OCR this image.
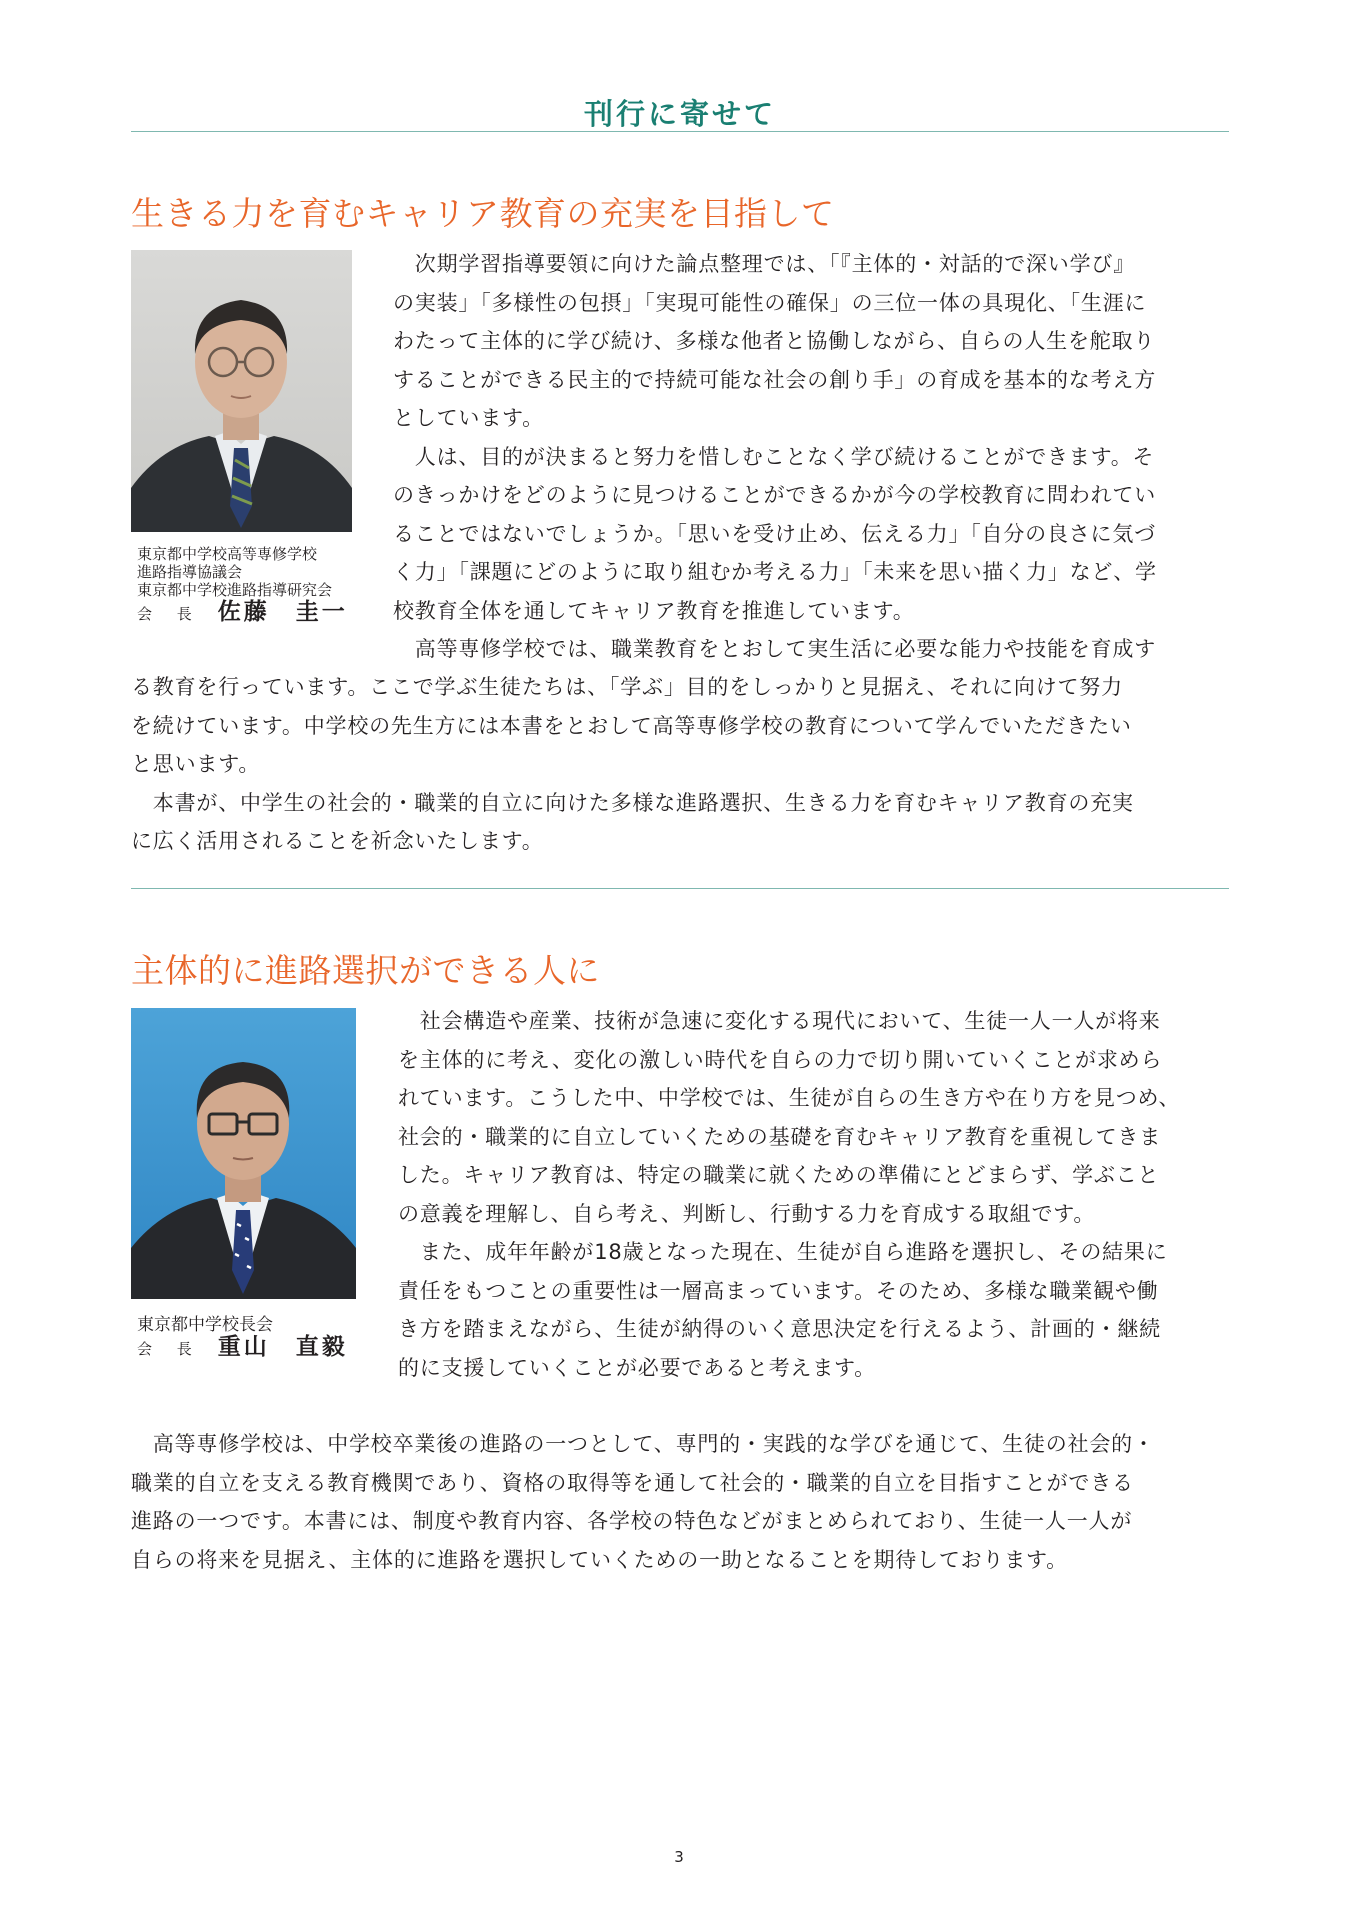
刊行に寄せて
生きる力を育むキャリア教育の充実を目指して
東京都中学校高等専修学校
進路指導協議会
東京都中学校進路指導研究会
会 長 佐藤　圭一
　次期学習指導要領に向けた論点整理では、「『主体的・対話的で深い学び』
の実装」「多様性の包摂」「実現可能性の確保」の三位一体の具現化、「生涯に
わたって主体的に学び続け、多様な他者と協働しながら、自らの人生を舵取り
することができる民主的で持続可能な社会の創り手」の育成を基本的な考え方
としています。
　人は、目的が決まると努力を惜しむことなく学び続けることができます。そ
のきっかけをどのように見つけることができるかが今の学校教育に問われてい
ることではないでしょうか。「思いを受け止め、伝える力」「自分の良さに気づ
く力」「課題にどのように取り組むか考える力」「未来を思い描く力」など、学
校教育全体を通してキャリア教育を推進しています。
　高等専修学校では、職業教育をとおして実生活に必要な能力や技能を育成す
る教育を行っています。ここで学ぶ生徒たちは、「学ぶ」目的をしっかりと見据え、それに向けて努力
を続けています。中学校の先生方には本書をとおして高等専修学校の教育について学んでいただきたい
と思います。
　本書が、中学生の社会的・職業的自立に向けた多様な進路選択、生きる力を育むキャリア教育の充実
に広く活用されることを祈念いたします。
主体的に進路選択ができる人に
東京都中学校長会
会 長 重山　直毅
　社会構造や産業、技術が急速に変化する現代において、生徒一人一人が将来
を主体的に考え、変化の激しい時代を自らの力で切り開いていくことが求めら
れています。こうした中、中学校では、生徒が自らの生き方や在り方を見つめ、
社会的・職業的に自立していくための基礎を育むキャリア教育を重視してきま
した。キャリア教育は、特定の職業に就くための準備にとどまらず、学ぶこと
の意義を理解し、自ら考え、判断し、行動する力を育成する取組です。
　また、成年年齢が18歳となった現在、生徒が自ら進路を選択し、その結果に
責任をもつことの重要性は一層高まっています。そのため、多様な職業観や働
き方を踏まえながら、生徒が納得のいく意思決定を行えるよう、計画的・継続
的に支援していくことが必要であると考えます。
　高等専修学校は、中学校卒業後の進路の一つとして、専門的・実践的な学びを通じて、生徒の社会的・
職業的自立を支える教育機関であり、資格の取得等を通して社会的・職業的自立を目指すことができる
進路の一つです。本書には、制度や教育内容、各学校の特色などがまとめられており、生徒一人一人が
自らの将来を見据え、主体的に進路を選択していくための一助となることを期待しております。
3
